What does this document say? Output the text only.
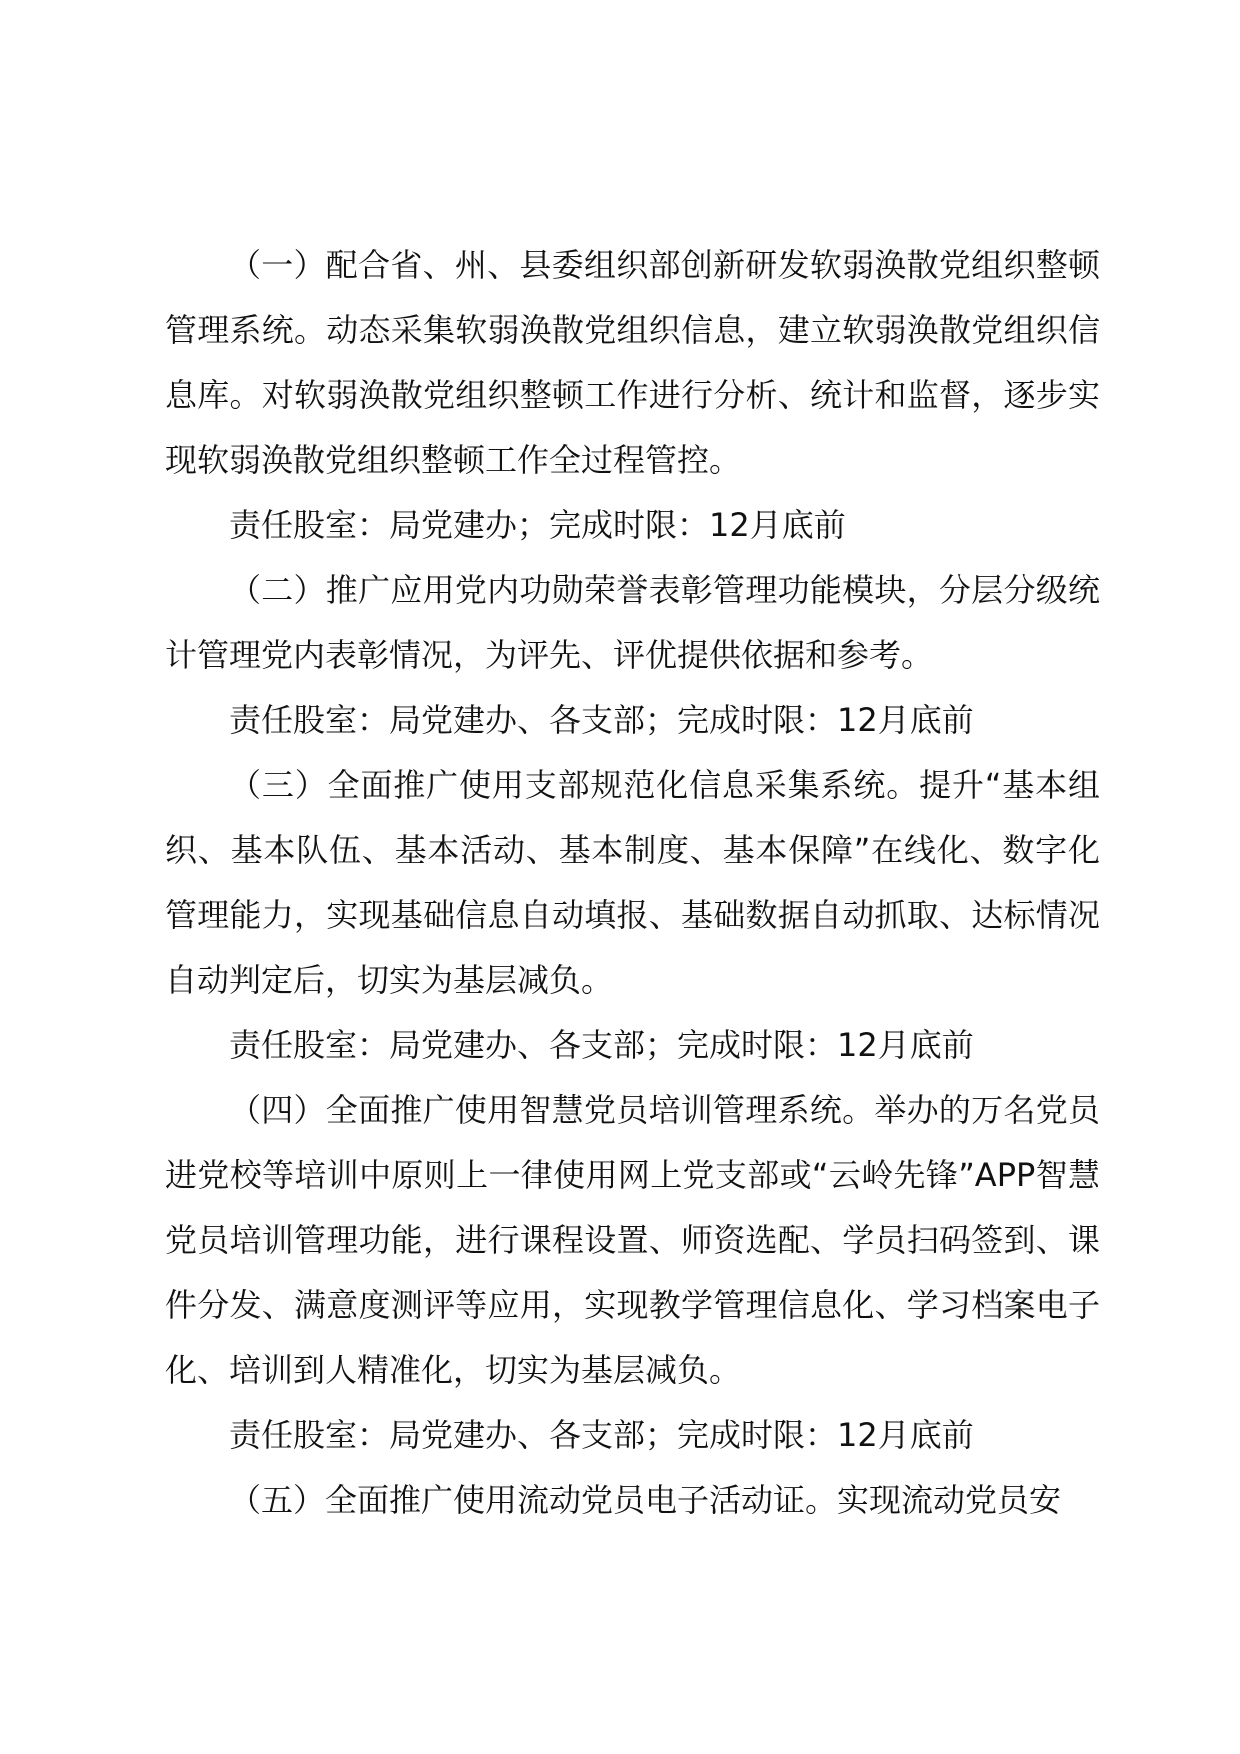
（一）配合省、州、县委组织部创新研发软弱涣散党组织整顿管理系统。动态采集软弱涣散党组织信息，建立软弱涣散党组织信息库。对软弱涣散党组织整顿工作进行分析、统计和监督，逐步实现软弱涣散党组织整顿工作全过程管控。

责任股室：局党建办；完成时限：12月底前

（二）推广应用党内功勋荣誉表彰管理功能模块，分层分级统计管理党内表彰情况，为评先、评优提供依据和参考。

责任股室：局党建办、各支部；完成时限：12月底前

（三）全面推广使用支部规范化信息采集系统。提升“基本组织、基本队伍、基本活动、基本制度、基本保障”在线化、数字化管理能力，实现基础信息自动填报、基础数据自动抓取、达标情况自动判定后，切实为基层减负。

责任股室：局党建办、各支部；完成时限：12月底前

（四）全面推广使用智慧党员培训管理系统。举办的万名党员进党校等培训中原则上一律使用网上党支部或“云岭先锋”APP智慧党员培训管理功能，进行课程设置、师资选配、学员扫码签到、课件分发、满意度测评等应用，实现教学管理信息化、学习档案电子化、培训到人精准化，切实为基层减负。

责任股室：局党建办、各支部；完成时限：12月底前

（五）全面推广使用流动党员电子活动证。实现流动党员安
